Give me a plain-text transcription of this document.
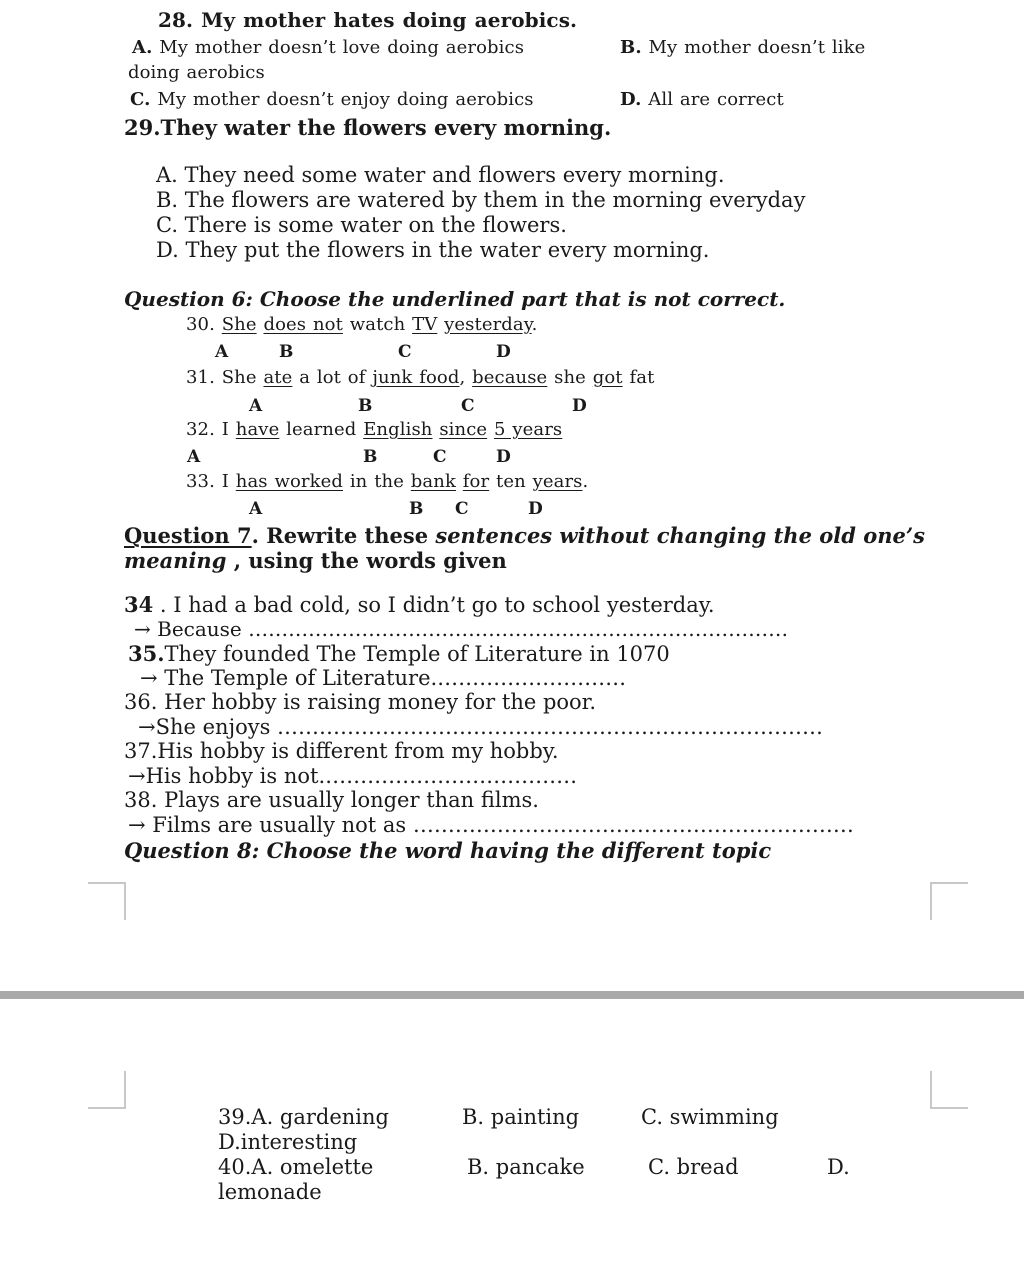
28. My mother hates doing aerobics.
A. My mother doesn’t love doing aerobics	B. My mother doesn’t like
doing aerobics
C. My mother doesn’t enjoy doing aerobics	D. All are correct
29.They water the flowers every morning.
A. They need some water and flowers every morning.
B. The flowers are watered by them in the morning everyday
C. There is some water on the flowers.
D. They put the flowers in the water every morning.
Question 6: Choose the underlined part that is not correct.
30. She does not watch TV yesterday.
A	B	C	D
31. She ate a lot of junk food, because she got fat
A	B	C	D
32. I have learned English since 5 years
A	B	C	D
33. I has worked in the bank for ten years.
A	B C	D
Question 7. Rewrite these sentences without changing the old one’s
meaning , using the words given
34 . I had a bad cold, so I didn’t go to school yesterday.
→ Because ………………………………………………………………………
35.They founded The Temple of Literature in 1070
→ The Temple of Literature.………………………
36. Her hobby is raising money for the poor.
→She enjoys ……………………………………………………………………
37.His hobby is different from my hobby.
→His hobby is not.………………………………
38. Plays are usually longer than films.
→ Films are usually not as ………………………………………………………
Question 8: Choose the word having the different topic
39.A. gardening	B. painting	C. swimming
D.interesting
40.A. omelette	B. pancake	C. bread	D.
lemonade
